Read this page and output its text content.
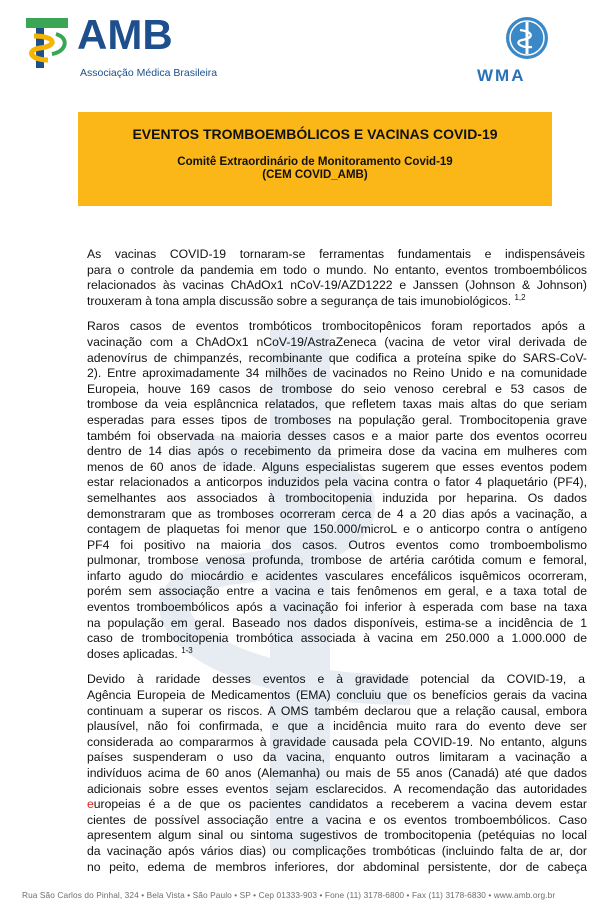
AMB
Associação Médica Brasileira	WMA
EVENTOS TROMBOEMBÓLICOS E VACINAS COVID-19
Comitê Extraordinário de Monitoramento Covid-19
(CEM COVID_AMB)

As vacinas COVID-19 tornaram-se ferramentas fundamentais e indispensáveis
para o controle da pandemia em todo o mundo. No entanto, eventos tromboembólicos
relacionados às vacinas ChAdOx1 nCoV-19/AZD1222 e Janssen (Johnson & Johnson)
trouxeram à tona ampla discussão sobre a segurança de tais imunobiológicos. $^{1,2}$

Raros casos de eventos trombóticos trombocitopênicos foram reportados após a
vacinação com a ChAdOx1 nCoV-19/AstraZeneca (vacina de vetor viral derivada de
adenovírus de chimpanzés, recombinante que codifica a proteína spike do SARS-CoV-
2). Entre aproximadamente 34 milhões de vacinados no Reino Unido e na comunidade
Europeia, houve 169 casos de trombose do seio venoso cerebral e 53 casos de
trombose da veia esplâncnica relatados, que refletem taxas mais altas do que seriam
esperadas para esses tipos de tromboses na população geral. Trombocitopenia grave
também foi observada na maioria desses casos e a maior parte dos eventos ocorreu
dentro de 14 dias após o recebimento da primeira dose da vacina em mulheres com
menos de 60 anos de idade. Alguns especialistas sugerem que esses eventos podem
estar relacionados a anticorpos induzidos pela vacina contra o fator 4 plaquetário (PF4),
semelhantes aos associados à trombocitopenia induzida por heparina. Os dados
demonstraram que as tromboses ocorreram cerca de 4 a 20 dias após a vacinação, a
contagem de plaquetas foi menor que 150.000/microL e o anticorpo contra o antígeno
PF4 foi positivo na maioria dos casos. Outros eventos como tromboembolismo
pulmonar, trombose venosa profunda, trombose de artéria carótida comum e femoral,
infarto agudo do miocárdio e acidentes vasculares encefálicos isquêmicos ocorreram,
porém sem associação entre a vacina e tais fenômenos em geral, e a taxa total de
eventos tromboembólicos após a vacinação foi inferior à esperada com base na taxa
na população em geral. Baseado nos dados disponíveis, estima-se a incidência de 1
caso de trombocitopenia trombótica associada à vacina em 250.000 a 1.000.000 de
doses aplicadas. $^{1-3}$

Devido à raridade desses eventos e à gravidade potencial da COVID-19, a
Agência Europeia de Medicamentos (EMA) concluiu que os benefícios gerais da vacina
continuam a superar os riscos. A OMS também declarou que a relação causal, embora
plausível, não foi confirmada, e que a incidência muito rara do evento deve ser
considerada ao compararmos à gravidade causada pela COVID-19. No entanto, alguns
países suspenderam o uso da vacina, enquanto outros limitaram a vacinação a
indivíduos acima de 60 anos (Alemanha) ou mais de 55 anos (Canadá) até que dados
adicionais sobre esses eventos sejam esclarecidos. A recomendação das autoridades
europeias é a de que os pacientes candidatos a receberem a vacina devem estar
cientes de possível associação entre a vacina e os eventos tromboembólicos. Caso
apresentem algum sinal ou sintoma sugestivos de trombocitopenia (petéquias no local
da vacinação após vários dias) ou complicações trombóticas (incluindo falta de ar, dor
no peito, edema de membros inferiores, dor abdominal persistente, dor de cabeça

Rua São Carlos do Pinhal, 324 • Bela Vista • São Paulo • SP • Cep 01333-903 • Fone (11) 3178-6800 • Fax (11) 3178-6830 • www.amb.org.br
